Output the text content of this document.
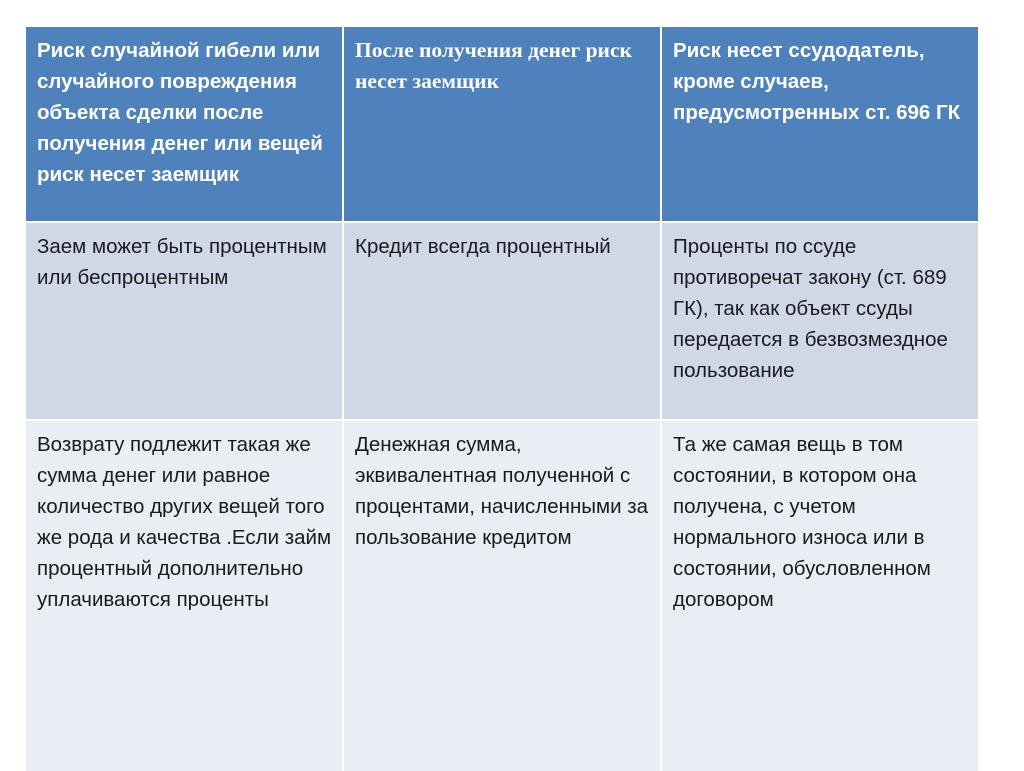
Риск случайной гибели или случайного повреждения объекта сделки после получения денег или вещей риск несет заемщик
После получения денег риск несет заемщик
Риск несет ссудодатель, кроме случаев, предусмотренных ст. 696 ГК
Заем может быть процентным или беспроцентным
Кредит всегда процентный	Проценты по ссуде противоречат закону (ст. 689 ГК), так как объект ссуды передается в безвозмездное пользование
Возврату подлежит такая же сумма денег или равное количество других вещей того же рода и качества .Если займ процентный дополнительно уплачиваются проценты
Денежная сумма, эквивалентная полученной с процентами, начисленными за пользование кредитом
Та же самая вещь в том состоянии, в котором она получена, с учетом нормального износа или в состоянии, обусловленном договором
